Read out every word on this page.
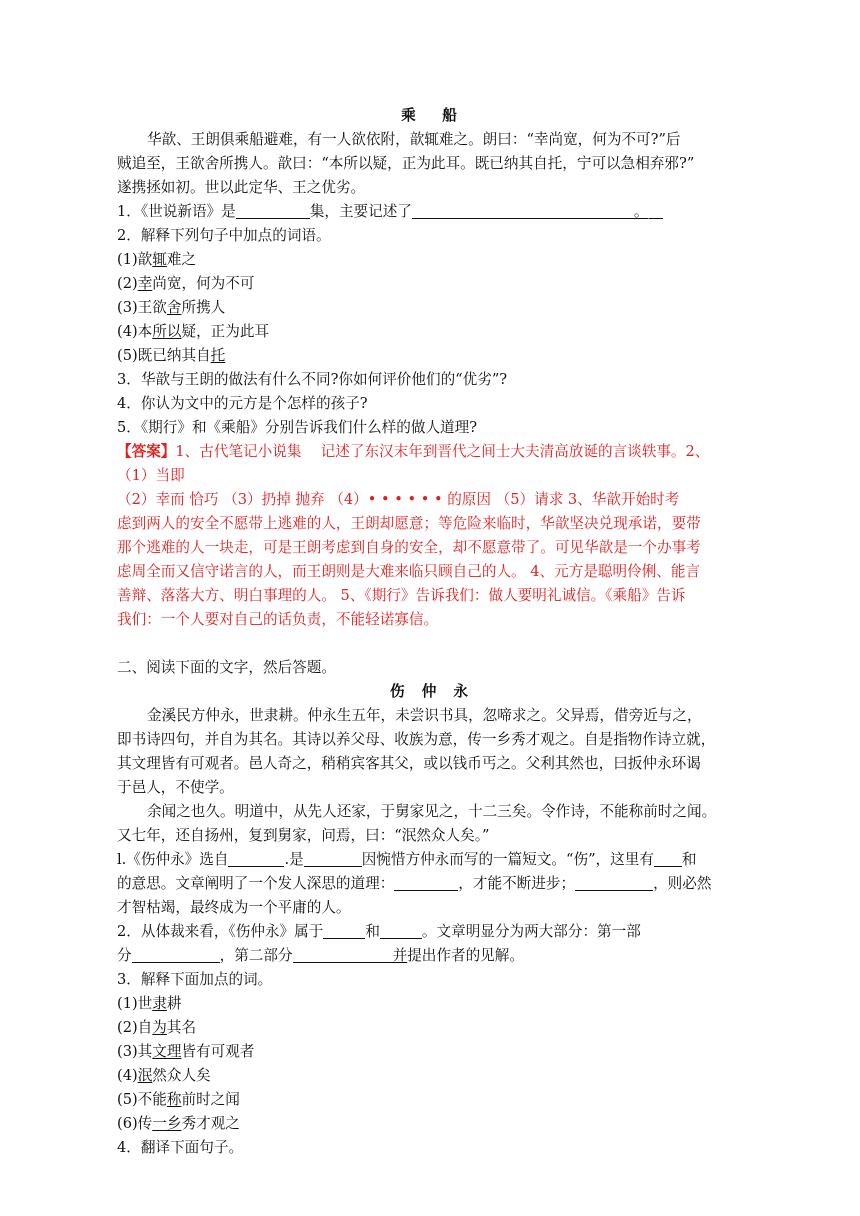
乘　船
华歆、王朗俱乘船避难，有一人欲依附，歆辄难之。朗曰：“幸尚宽，何为不可?”后
贼追至，王欲舍所携人。歆曰：“本所以疑，正为此耳。既已纳其自托，宁可以急相弃邪?”
遂携拯如初。世以此定华、王之优劣。
1．《世说新语》是	集，主要记述了	。
2．解释下列句子中加点的词语。
(1)歆辄难之
(2)幸尚宽，何为不可
(3)王欲舍所携人
(4)本所以疑，正为此耳
(5)既已纳其自托
3．华歆与王朗的做法有什么不同?你如何评价他们的“优劣”?
4．你认为文中的元方是个怎样的孩子?
5．《期行》和《乘船》分别告诉我们什么样的做人道理?
【答案】1、古代笔记小说集　 记述了东汉末年到晋代之间士大夫清高放诞的言谈轶事。2、
（1）当即
（2）幸而 恰巧 （3）扔掉 抛弃 （4）• • • • • • 的原因 （5）请求 3、华歆开始时考
虑到两人的安全不愿带上逃难的人，王朗却愿意；等危险来临时，华歆坚决兑现承诺，要带
那个逃难的人一块走，可是王朗考虑到自身的安全，却不愿意带了。可见华歆是一个办事考
虑周全而又信守诺言的人，而王朗则是大难来临只顾自己的人。 4、元方是聪明伶俐、能言
善辩、落落大方、明白事理的人。 5、《期行》告诉我们：做人要明礼诚信。《乘船》告诉
我们：一个人要对自己的话负责，不能轻诺寡信。
二、阅读下面的文字，然后答题。
伤 仲 永
金溪民方仲永，世隶耕。仲永生五年，未尝识书具，忽啼求之。父异焉，借旁近与之，
即书诗四句，并自为其名。其诗以养父母、收族为意，传一乡秀才观之。自是指物作诗立就，
其文理皆有可观者。邑人奇之，稍稍宾客其父，或以钱币丐之。父利其然也，曰扳仲永环谒
于邑人，不使学。
余闻之也久。明道中，从先人还家，于舅家见之，十二三矣。令作诗，不能称前时之闻。
又七年，还自扬州，复到舅家，问焉，曰：“泯然众人矣。”
l.《伤仲永》选自	.是	因惋惜方仲永而写的一篇短文。“伤”，这里有 和
的意思。文章阐明了一个发人深思的道理：	，才能不断进步；	，则必然
才智枯竭，最终成为一个平庸的人。
2．从体裁来看，《伤仲永》属于	和	。文章明显分为两大部分：第一部
分	，第二部分	并提出作者的见解。
3．解释下面加点的词。
(1)世隶耕
(2)自为其名
(3)其文理皆有可观者
(4)泯然众人矣
(5)不能称前时之闻
(6)传一乡秀才观之
4．翻译下面句子。
